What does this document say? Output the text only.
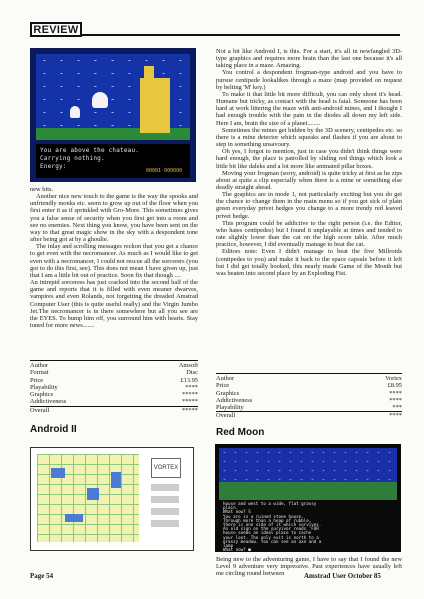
REVIEW
You are above the chateau.
Carrying nothing.
Energy:
00001 000000

new bits.

Another nice new touch to the game is the way the spooks and unfriendly monks etc. seem to grow up out of the floor when you first enter it as if sprinkled with Gro-More. This sometimes gives you a false sense of security when you first get into a room and see no enemies. Next thing you know, you have been sent on the way to that great magic show in the sky with a despondent tone after being got at by a ghoulie.

The inlay and scrolling messages reckon that you get a chance to get even with the necromancer. As much as I would like to get even with a necromancer, I could not rescue all the sorcerers (you got to do this first, see). This does not mean I have given up, just that I am a little bit out of practice. Soon fix that though ....

An intrepid sorceress has just cracked into the second half of the game and reports that it is filled with even meaner dwarves, vampires and even Rolands, not forgetting the dreaded Amstrad Computer User (this is quite useful really) and the Virgin Jumbo Jet.The necromancer is in there somewhere but all you see are the EYES. To bump him off, you surround him with hearts. Stay tuned for more news.......

Author	Amsoft
Format	Disc
Price	£13.95
Playability	****
Graphics	*****
Addictiveness	*****
Overall	*****
Android II
VORTEX

Not a bit like Android I, is this. For a start, it's all in newfangled 3D-type graphics and requires more brain than the last one because it's all taking place in a maze. Amazing.

You control a despondent frogman-type android and you have to pursue centipede lookalikes through a maze (map provided on request by belting 'M' key.)

To make it that little bit more difficult, you can only shoot it's head. Humane but tricky, as contact with the head is fatal. Someone has been hard at work littering the maze with anti-android mines, and I thought I had enough trouble with the pain in the diodes all down my left side. Here I am, brain the size of a planet........

Sometimes the mines get hidden by the 3D scenery, centipedes etc. so there is a mine detector which squeaks and flashes if you are about to step in something unsavoury.

Oh yes, I forgot to mention, just in case you didn't think things were hard enough, the place is patrolled by sliding red things which look a little bit like daleks and a lot more like animated pillar boxes.

Moving your frogman (sorry, android) is quite tricky at first as he zips about at quite a clip especially when there is a mine or something else deadly straight ahead.

The graphics are in mode 1, not particularly exciting but you do get the chance to change them in the main menu so if you get sick of plain green everyday privet hedges you change to a more trendy red leaved privet hedge.

This program could be addictive to the right person (i.e. the Editor, who hates centipedes) but I found it unplayable at times and tended to rate slightly lower than the cat on the high score table. After much practice, however, I did eventually manage to beat the cat.

Editors note: Even I didn't manage to beat the five Millroids (centipedes to you) and make it back to the space capsule before it left but I did get totally hooked, this nearly made Game of the Month but was beaten into second place by an Exploding Fist.

Author	Vortex
Price	£8.95
Graphics	****
Addictiveness	****
Playability	***
Overall	****
Red Moon
house and west to a wide, flat grassy
plain.
What now? S
You are in a ruined stone house.
Through more than a heap of rubble,
there is one side of it which survives.
An old sign on the survivor reads 'FOR
house seems an ideal place to cache
your loot. The only exit is north to a
grassy meadow. You can see an axe and a
lamp
What now? ■

Being new to the adventuring game, I have to say that I found the new Level 9 adventure very impressive. Past experiences have usually left me circling round between

Page 54	Amstrad User October 85
